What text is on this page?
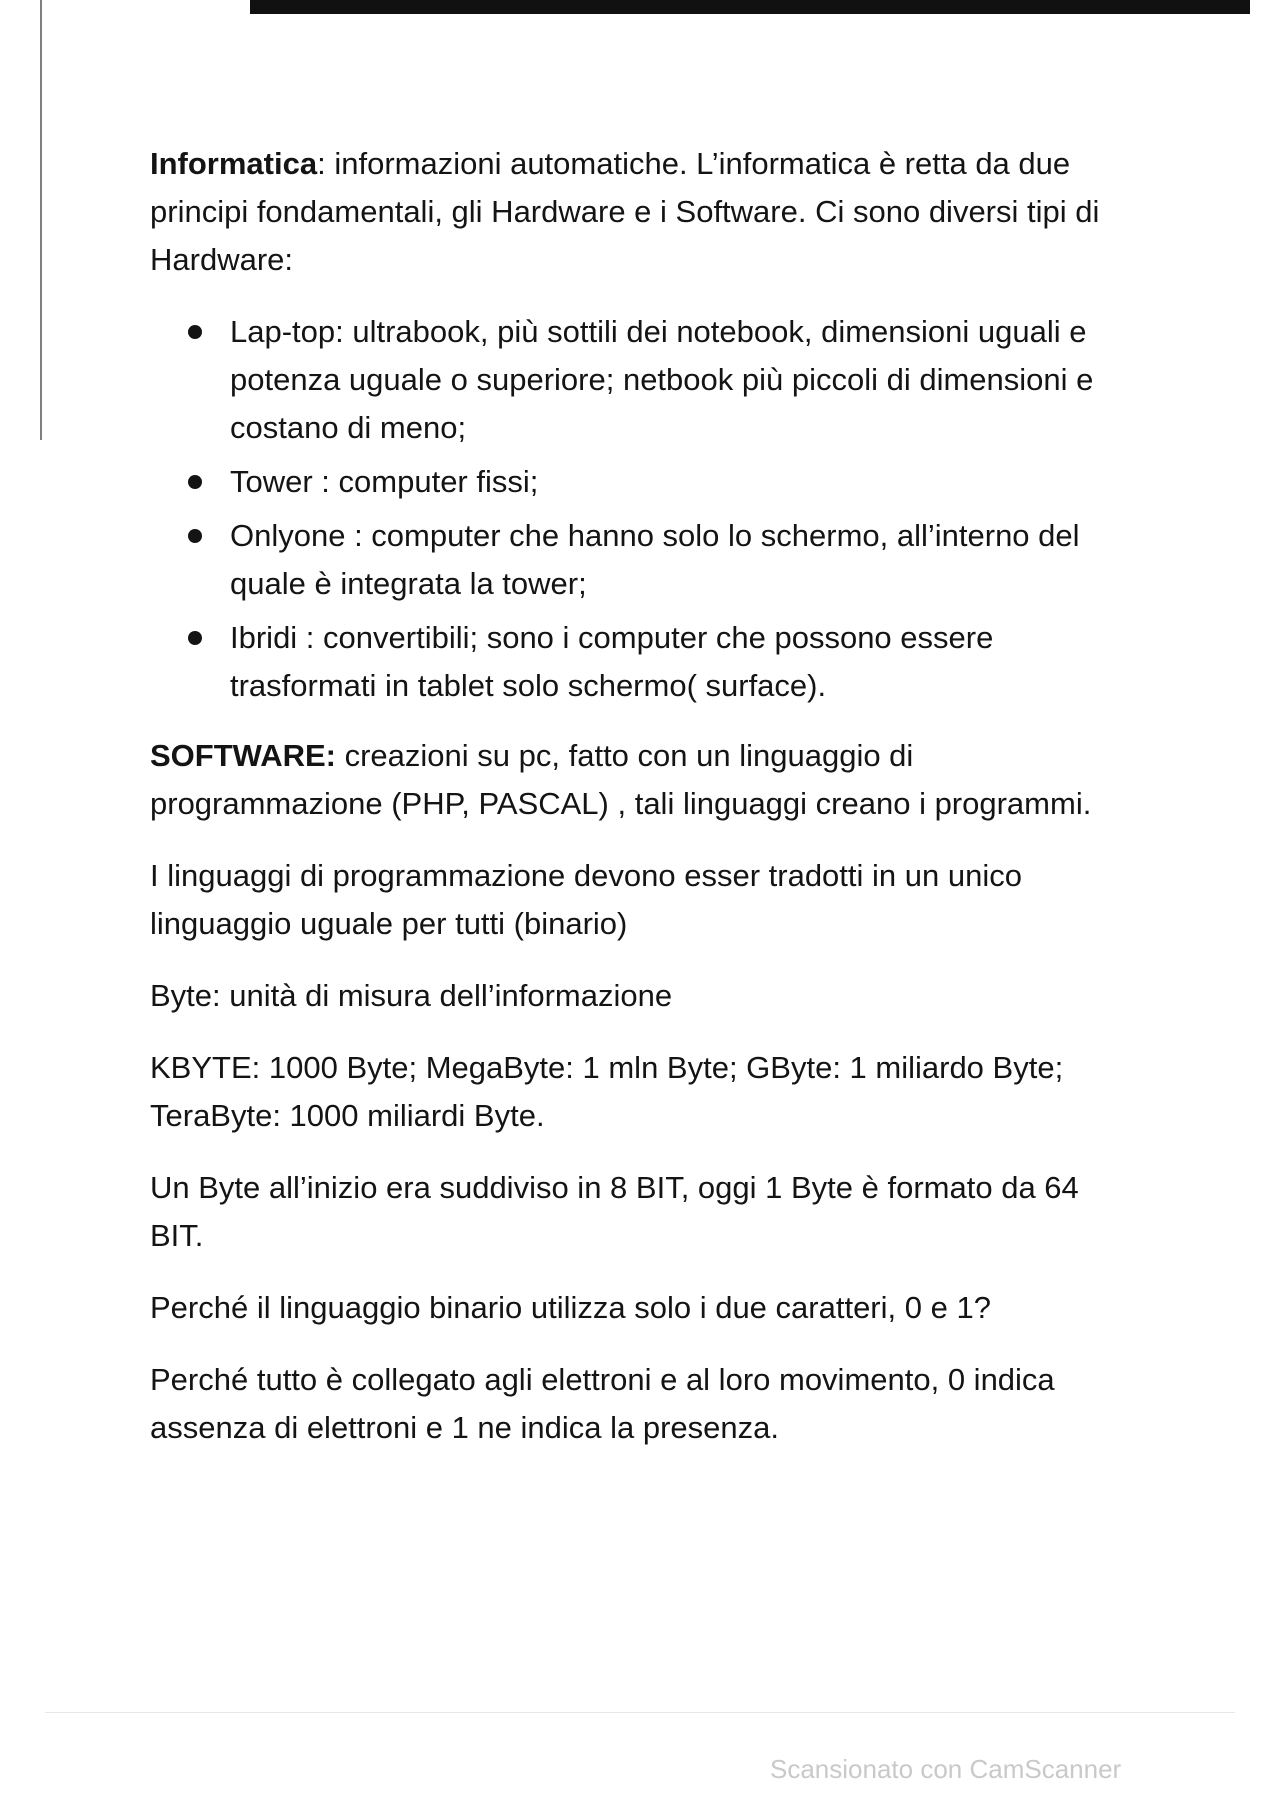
Informatica: informazioni automatiche. L’informatica è retta da due principi fondamentali, gli Hardware e i Software. Ci sono diversi tipi di Hardware:

Lap-top: ultrabook, più sottili dei notebook, dimensioni uguali e potenza uguale o superiore; netbook più piccoli di dimensioni e costano di meno;
Tower : computer fissi;
Onlyone : computer che hanno solo lo schermo, all’interno del quale è integrata la tower;
Ibridi : convertibili; sono i computer che possono essere trasformati in tablet solo schermo( surface).

SOFTWARE: creazioni su pc, fatto con un linguaggio di programmazione (PHP, PASCAL) , tali linguaggi creano i programmi.

I linguaggi di programmazione devono esser tradotti in un unico linguaggio uguale per tutti (binario)

Byte: unità di misura dell’informazione

KBYTE: 1000 Byte; MegaByte: 1 mln Byte; GByte: 1 miliardo Byte; TeraByte: 1000 miliardi Byte.

Un Byte all’inizio era suddiviso in 8 BIT, oggi 1 Byte è formato da 64 BIT.

Perché il linguaggio binario utilizza solo i due caratteri, 0 e 1?

Perché tutto è collegato agli elettroni e al loro movimento, 0 indica assenza di elettroni e 1 ne indica la presenza.

Scansionato con CamScanner
